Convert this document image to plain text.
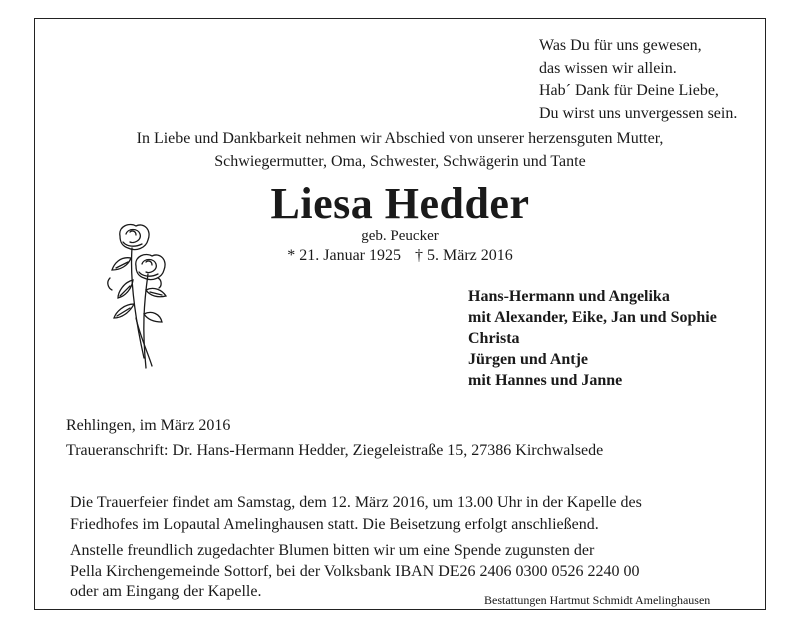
Was Du für uns gewesen,
das wissen wir allein.
Hab´ Dank für Deine Liebe,
Du wirst uns unvergessen sein.
In Liebe und Dankbarkeit nehmen wir Abschied von unserer herzensguten Mutter,
Schwiegermutter, Oma, Schwester, Schwägerin und Tante
Liesa Hedder
geb. Peucker
* 21. Januar 1925 † 5. März 2016
Hans-Hermann und Angelika
mit Alexander, Eike, Jan und Sophie
Christa
Jürgen und Antje
mit Hannes und Janne
Rehlingen, im März 2016
Traueranschrift: Dr. Hans-Hermann Hedder, Ziegeleistraße 15, 27386 Kirchwalsede
Die Trauerfeier findet am Samstag, dem 12. März 2016, um 13.00 Uhr in der Kapelle des
Friedhofes im Lopautal Amelinghausen statt. Die Beisetzung erfolgt anschließend.
Anstelle freundlich zugedachter Blumen bitten wir um eine Spende zugunsten der
Pella Kirchengemeinde Sottorf, bei der Volksbank IBAN DE26 2406 0300 0526 2240 00
oder am Eingang der Kapelle.	Bestattungen Hartmut Schmidt Amelinghausen
